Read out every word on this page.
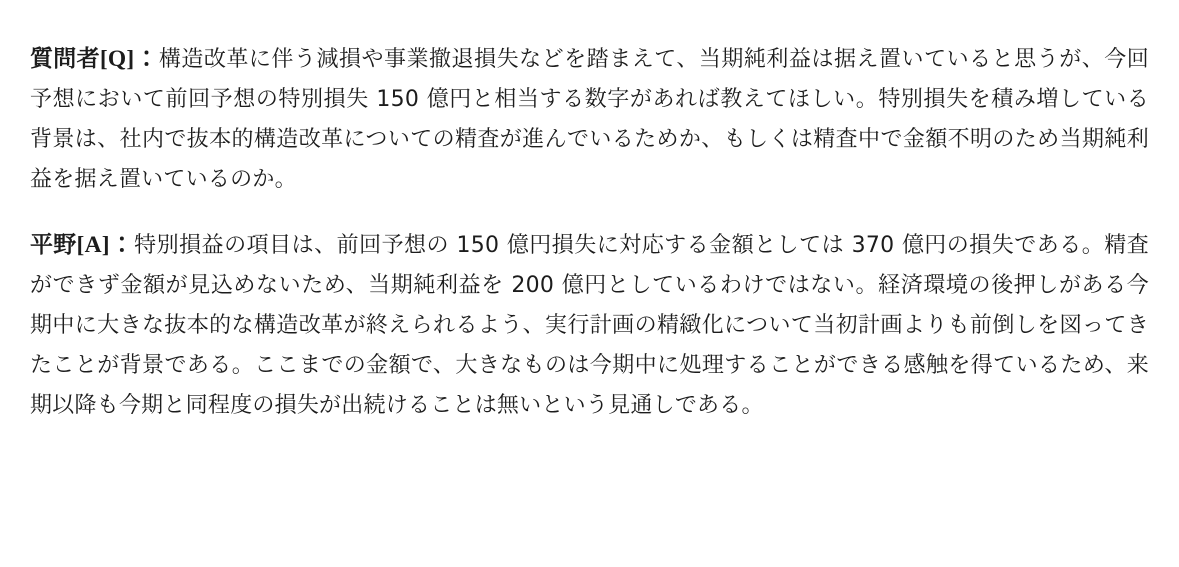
質問者[Q]：構造改革に伴う減損や事業撤退損失などを踏まえて、当期純利益は据え置いていると思うが、今回予想において前回予想の特別損失 150 億円と相当する数字があれば教えてほしい。特別損失を積み増している背景は、社内で抜本的構造改革についての精査が進んでいるためか、もしくは精査中で金額不明のため当期純利益を据え置いているのか。

平野[A]：特別損益の項目は、前回予想の 150 億円損失に対応する金額としては 370 億円の損失である。精査ができず金額が見込めないため、当期純利益を 200 億円としているわけではない。経済環境の後押しがある今期中に大きな抜本的な構造改革が終えられるよう、実行計画の精緻化について当初計画よりも前倒しを図ってきたことが背景である。ここまでの金額で、大きなものは今期中に処理することができる感触を得ているため、来期以降も今期と同程度の損失が出続けることは無いという見通しである。
